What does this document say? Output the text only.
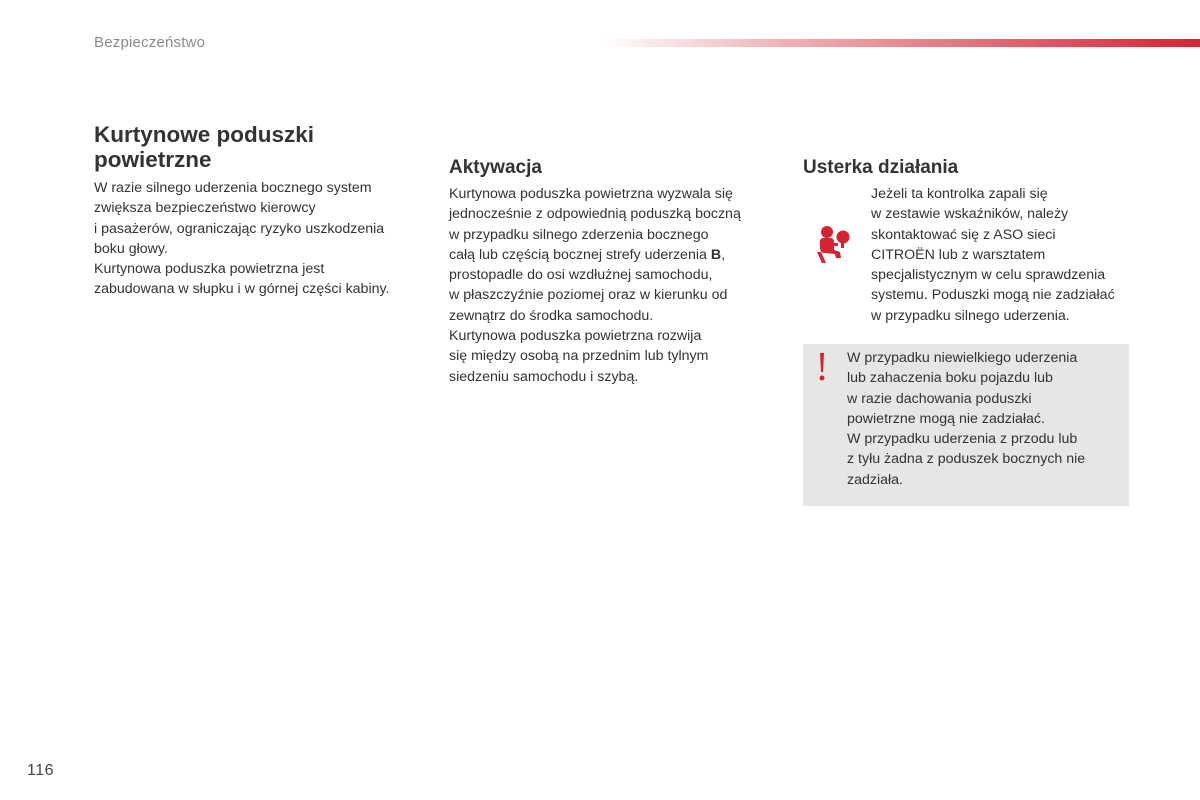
Bezpieczeństwo
Kurtynowe poduszki
powietrzne

W razie silnego uderzenia bocznego system
zwiększa bezpieczeństwo kierowcy
i pasażerów, ograniczając ryzyko uszkodzenia
boku głowy.
Kurtynowa poduszka powietrzna jest
zabudowana w słupku i w górnej części kabiny.

Aktywacja

Kurtynowa poduszka powietrzna wyzwala się
jednocześnie z odpowiednią poduszką boczną
w przypadku silnego zderzenia bocznego
całą lub częścią bocznej strefy uderzenia B,
prostopadle do osi wzdłużnej samochodu,
w płaszczyźnie poziomej oraz w kierunku od
zewnątrz do środka samochodu.
Kurtynowa poduszka powietrzna rozwija
się między osobą na przednim lub tylnym
siedzeniu samochodu i szybą.

Usterka działania

Jeżeli ta kontrolka zapali się
w zestawie wskaźników, należy
skontaktować się z ASO sieci
CITROËN lub z warsztatem
specjalistycznym w celu sprawdzenia
systemu. Poduszki mogą nie zadziałać
w przypadku silnego uderzenia.

W przypadku niewielkiego uderzenia
lub zahaczenia boku pojazdu lub
w razie dachowania poduszki
powietrzne mogą nie zadziałać.
W przypadku uderzenia z przodu lub
z tyłu żadna z poduszek bocznych nie
zadziała.

116
